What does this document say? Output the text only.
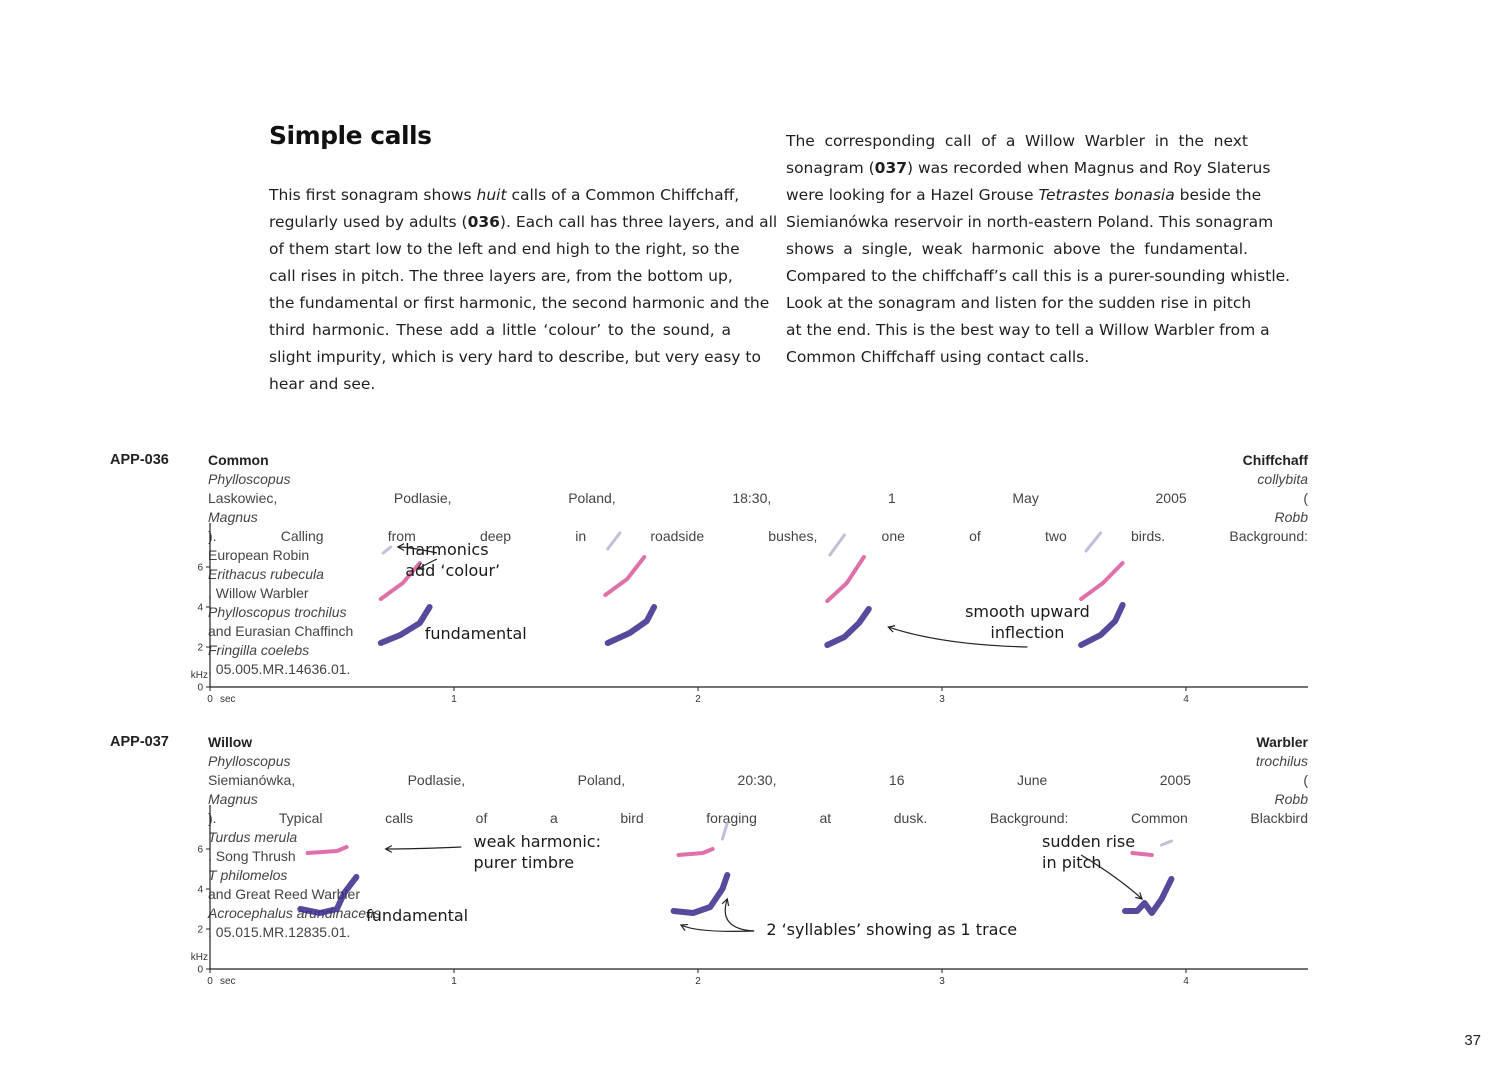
Simple calls
This first sonagram shows huit calls of a Common Chiffchaff,
regularly used by adults (036). Each call has three layers, and all
of them start low to the left and end high to the right, so the
call rises in pitch. The three layers are, from the bottom up,
the fundamental or first harmonic, the second harmonic and the
third harmonic. These add a little ‘colour’ to the sound, a
slight impurity, which is very hard to describe, but very easy to
hear and see.
The corresponding call of a Willow Warbler in the next
sonagram (037) was recorded when Magnus and Roy Slaterus
were looking for a Hazel Grouse Tetrastes bonasia beside the
Siemianówka reservoir in north-eastern Poland. This sonagram
shows a single, weak harmonic above the fundamental.
Compared to the chiffchaff’s call this is a purer-sounding whistle.
Look at the sonagram and listen for the sudden rise in pitch
at the end. This is the best way to tell a Willow Warbler from a
Common Chiffchaff using contact calls.
APP-036	Common Chiffchaff
Phylloscopus collybita
Laskowiec, Podlasie, Poland, 18:30, 1 May 2005 (
Magnus Robb
). Calling from deep in roadside bushes, one of two birds. Background:
European Robin
Erithacus rubecula
, Willow Warbler
Phylloscopus trochilus
and Eurasian Chaffinch
Fringilla coelebs
. 05.005.MR.14636.01.
0
2
4
6
kHz
0	1	2	3	4
sec
harmonics
add ‘colour’
fundamental
smooth upward
inflection
APP-037	Willow Warbler
Phylloscopus trochilus
Siemianówka, Podlasie, Poland, 20:30, 16 June 2005 (
Magnus Robb
). Typical calls of a bird foraging at dusk. Background: Common Blackbird
Turdus merula
, Song Thrush
T philomelos
and Great Reed Warbler
Acrocephalus arundinaceus
. 05.015.MR.12835.01.
0
2
4
6
kHz
0	1	2	3	4
sec
weak harmonic:
purer timbre
fundamental
2 ‘syllables’ showing as 1 trace
sudden rise
in pitch
37
